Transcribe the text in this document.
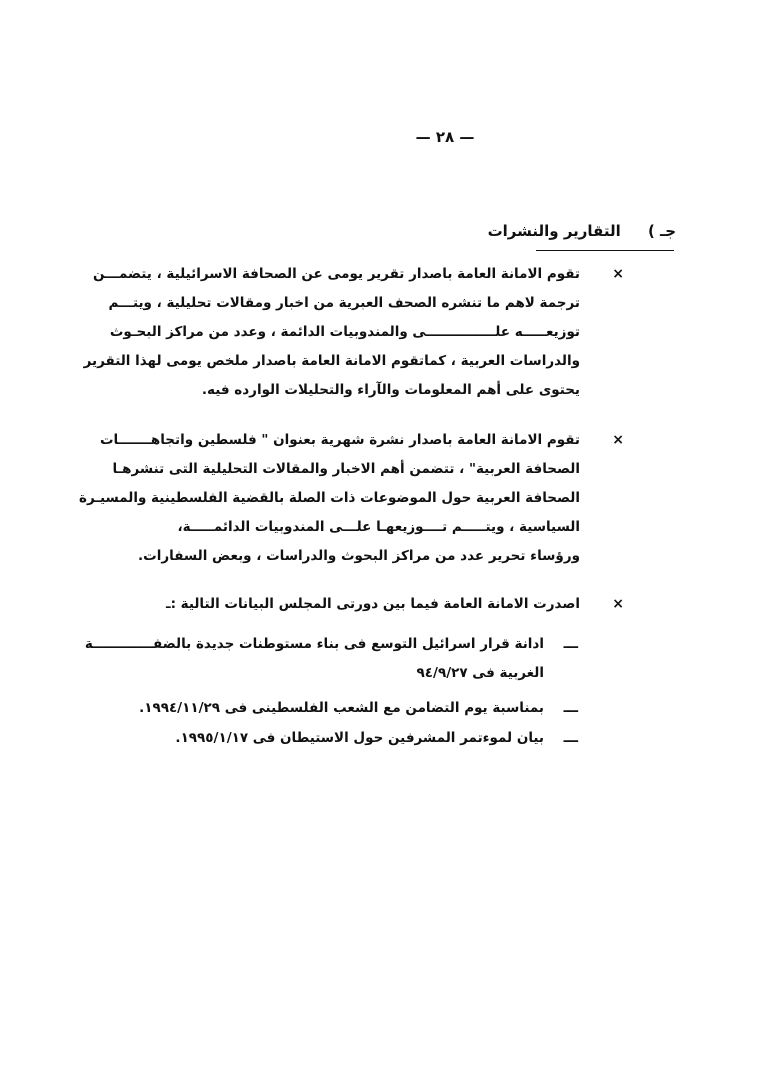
— ٢٨ —
جـ ) التقارير والنشرات
×
تقوم الامانة العامة باصدار تقرير يومى عن الصحافة الاسرائيلية ، يتضمـــن
ترجمة لاهم ما تنشره الصحف العبرية من اخبار ومقالات تحليلية ، ويتـــم
توزيعـــــه علـــــــــــــــى والمندوبيات الدائمة ، وعدد من مراكز البحـوث
والدراسات العربية ، كماتقوم الامانة العامة باصدار ملخص يومى لهذا التقرير
يحتوى على أهم المعلومات والآراء والتحليلات الوارده فيه.
×
تقوم الامانة العامة باصدار نشرة شهرية بعنوان " فلسطين واتجاهـــــــات
الصحافة العربية" ، تتضمن أهم الاخبار والمقالات التحليلية التى تنشرهـا
الصحافة العربية حول الموضوعات ذات الصلة بالقضية الفلسطينية والمسيـرة
السياسية ، ويتـــــم تــــوزيعهـا علـــى المندوبيات الدائمـــــة،
ورؤساء تحرير عدد من مراكز البحوث والدراسات ، وبعض السفارات.
×
اصدرت الامانة العامة فيما بين دورتى المجلس البيانات التالية :ـ
ـــ
ادانة قرار اسرائيل التوسع فى بناء مستوطنات جديدة بالضفـــــــــــــة
الغربية فى ٩٤/٩/٢٧
ـــ
بمناسبة يوم التضامن مع الشعب الفلسطينى فى ١٩٩٤/١١/٢٩.
ـــ
بيان لموءتمر المشرفين حول الاستيطان فى ١٩٩٥/١/١٧.
